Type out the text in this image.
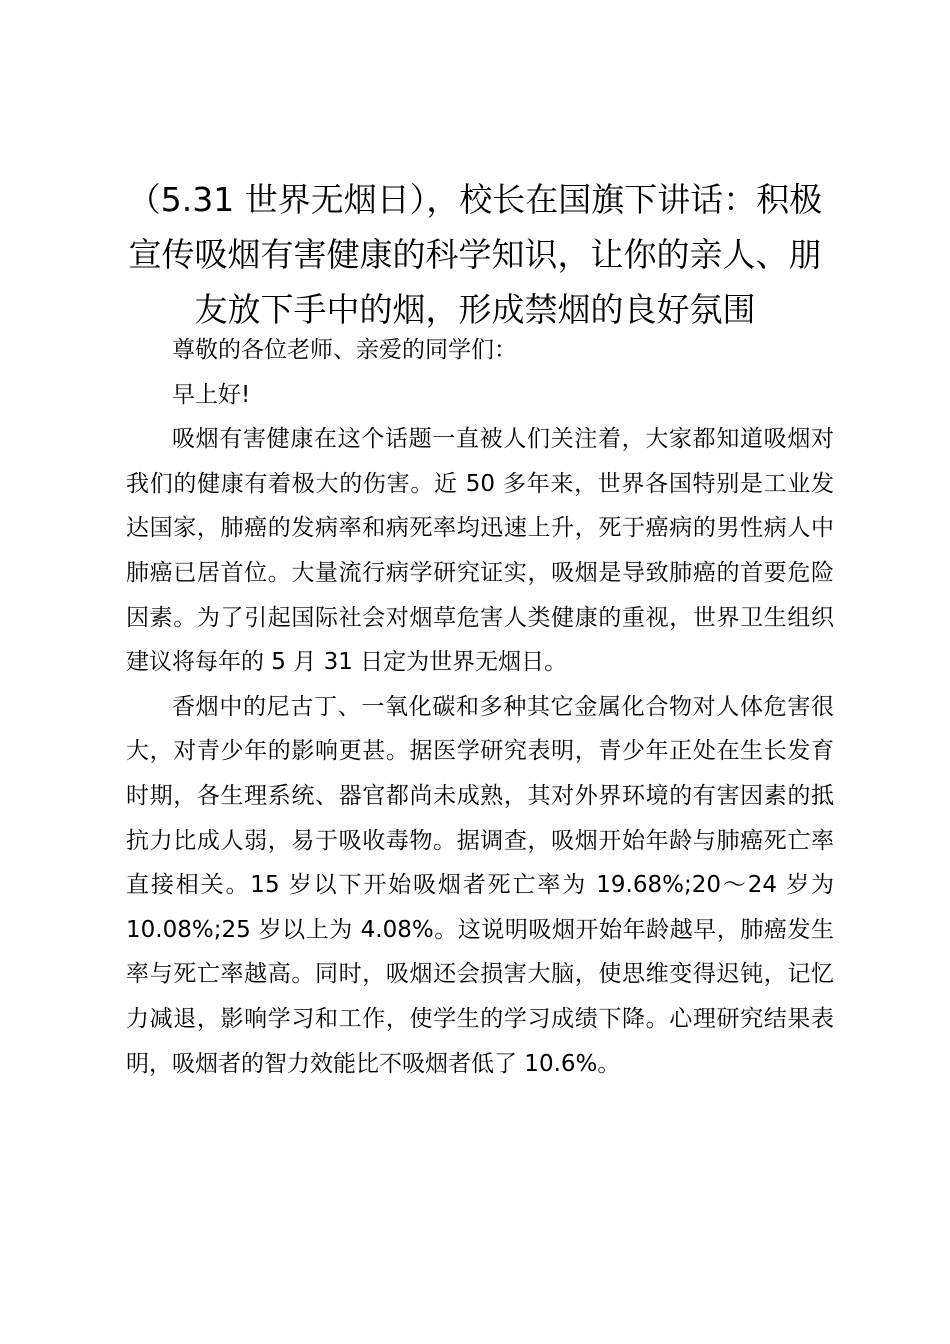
（5.31 世界无烟日），校长在国旗下讲话：积极宣传吸烟有害健康的科学知识，让你的亲人、朋友放下手中的烟，形成禁烟的良好氛围

尊敬的各位老师、亲爱的同学们：

早上好!

吸烟有害健康在这个话题一直被人们关注着，大家都知道吸烟对我们的健康有着极大的伤害。近 50 多年来，世界各国特别是工业发达国家，肺癌的发病率和病死率均迅速上升，死于癌病的男性病人中肺癌已居首位。大量流行病学研究证实，吸烟是导致肺癌的首要危险因素。为了引起国际社会对烟草危害人类健康的重视，世界卫生组织建议将每年的 5 月 31 日定为世界无烟日。

香烟中的尼古丁、一氧化碳和多种其它金属化合物对人体危害很大，对青少年的影响更甚。据医学研究表明，青少年正处在生长发育时期，各生理系统、器官都尚未成熟，其对外界环境的有害因素的抵抗力比成人弱，易于吸收毒物。据调查，吸烟开始年龄与肺癌死亡率直接相关。15 岁以下开始吸烟者死亡率为 19.68%;20～24 岁为 10.08%;25 岁以上为 4.08%。这说明吸烟开始年龄越早，肺癌发生率与死亡率越高。同时，吸烟还会损害大脑，使思维变得迟钝，记忆力减退，影响学习和工作，使学生的学习成绩下降。心理研究结果表明，吸烟者的智力效能比不吸烟者低了 10.6%。
